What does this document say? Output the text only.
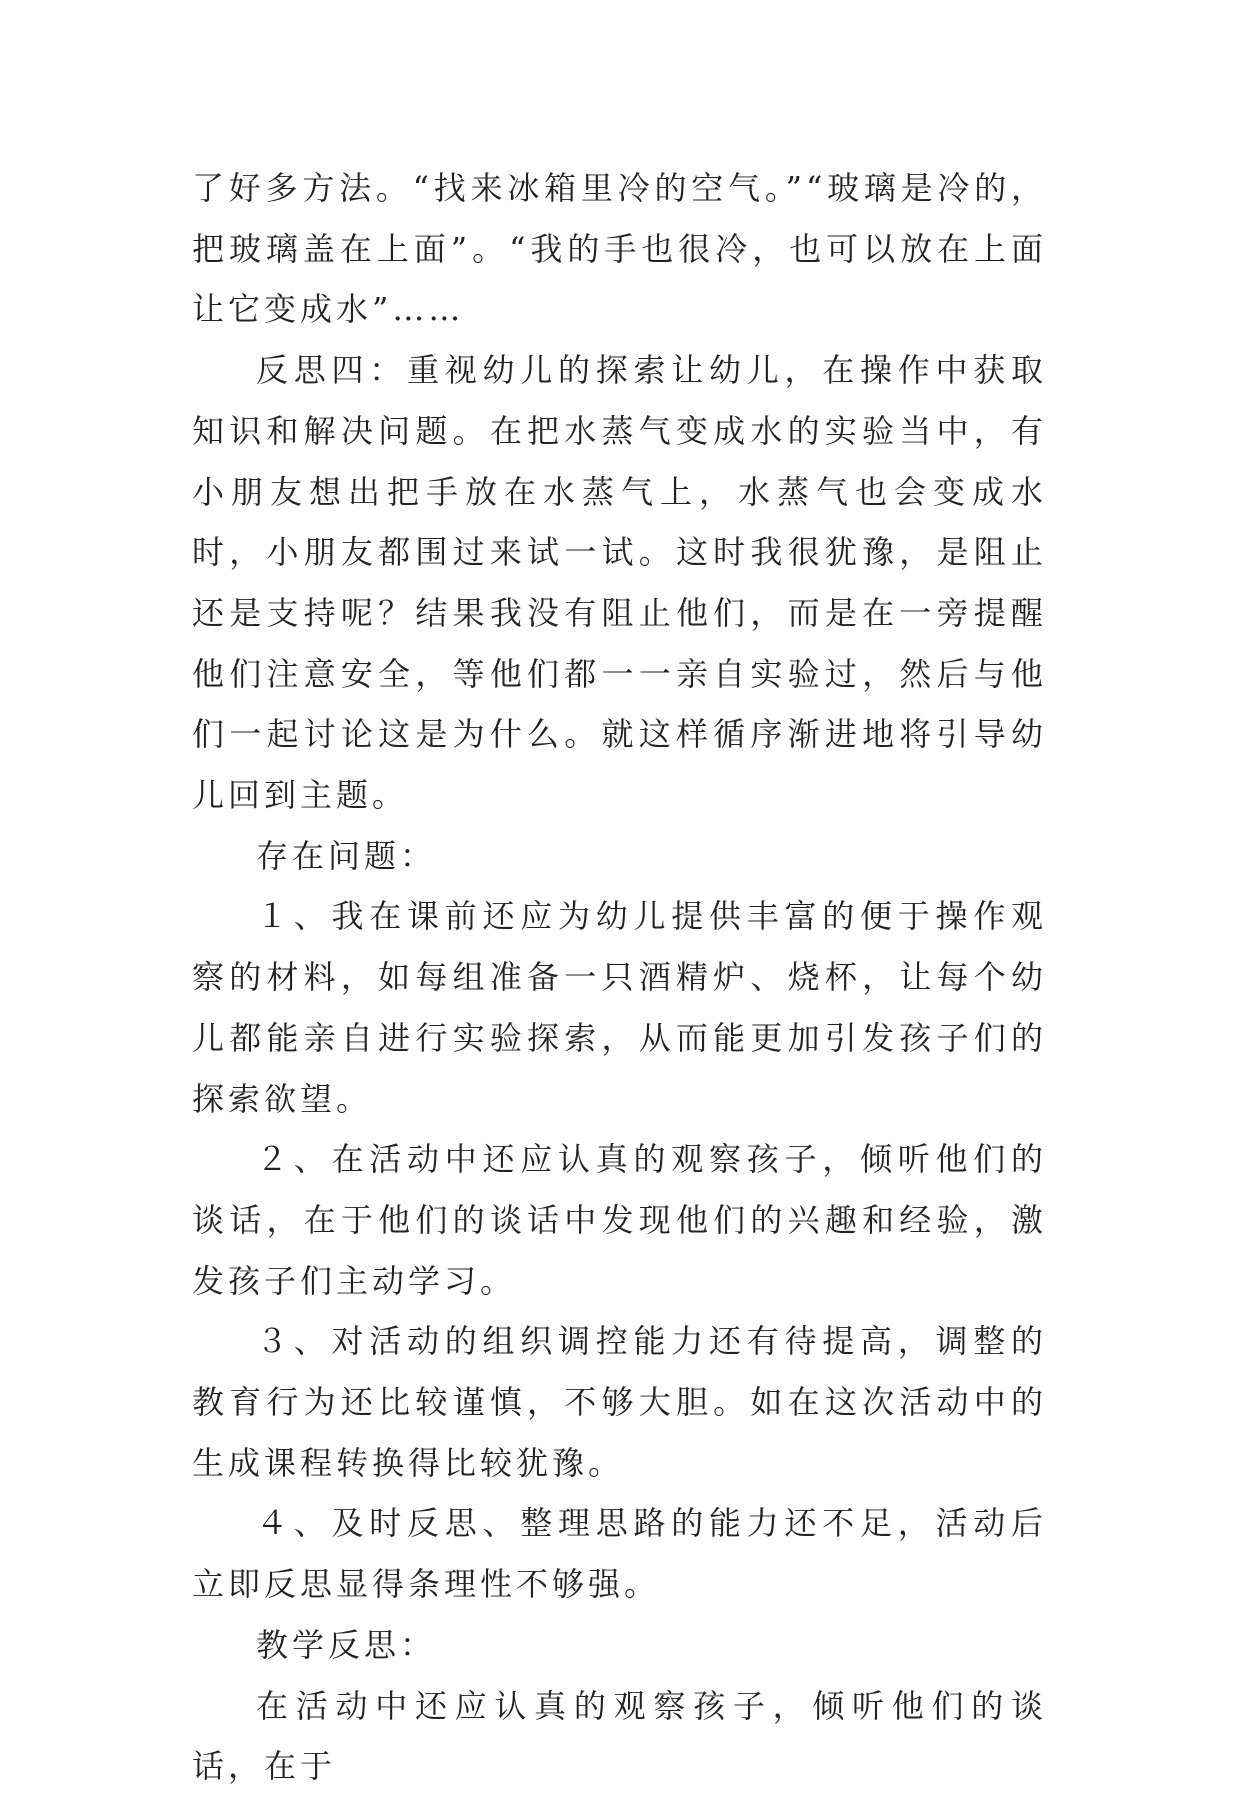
了好多方法。“找来冰箱里冷的空气。”“玻璃是冷的，把玻璃盖在上面”。“我的手也很冷，也可以放在上面让它变成水”……

反思四：重视幼儿的探索让幼儿，在操作中获取知识和解决问题。在把水蒸气变成水的实验当中，有小朋友想出把手放在水蒸气上，水蒸气也会变成水时，小朋友都围过来试一试。这时我很犹豫，是阻止还是支持呢？结果我没有阻止他们，而是在一旁提醒他们注意安全，等他们都一一亲自实验过，然后与他们一起讨论这是为什么。就这样循序渐进地将引导幼儿回到主题。

存在问题：

１、我在课前还应为幼儿提供丰富的便于操作观察的材料，如每组准备一只酒精炉、烧杯，让每个幼儿都能亲自进行实验探索，从而能更加引发孩子们的探索欲望。

２、在活动中还应认真的观察孩子，倾听他们的谈话，在于他们的谈话中发现他们的兴趣和经验，激发孩子们主动学习。

３、对活动的组织调控能力还有待提高，调整的教育行为还比较谨慎，不够大胆。如在这次活动中的生成课程转换得比较犹豫。

４、及时反思、整理思路的能力还不足，活动后立即反思显得条理性不够强。

教学反思：

在活动中还应认真的观察孩子，倾听他们的谈话，在于
